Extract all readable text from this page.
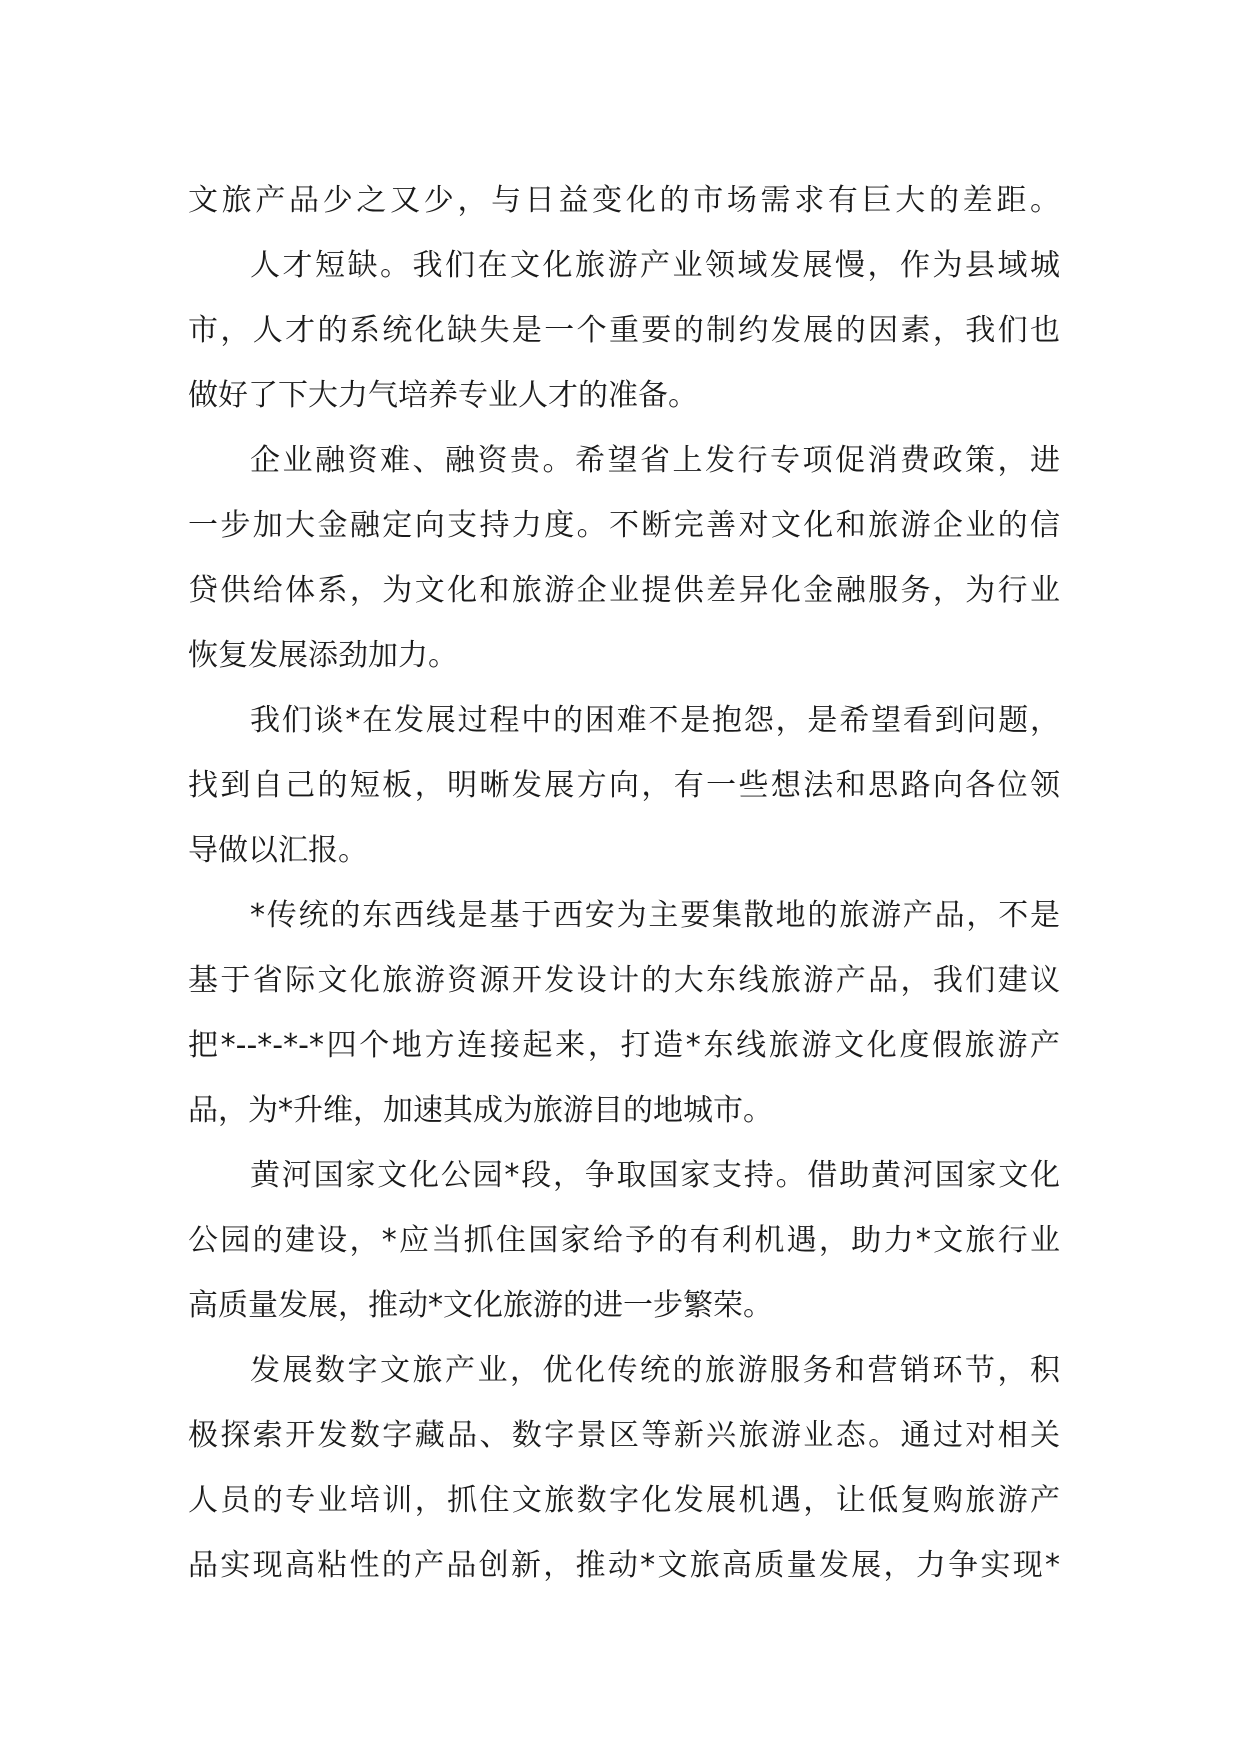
文旅产品少之又少，与日益变化的市场需求有巨大的差距。
人才短缺。我们在文化旅游产业领域发展慢，作为县域城
市，人才的系统化缺失是一个重要的制约发展的因素，我们也
做好了下大力气培养专业人才的准备。
企业融资难、融资贵。希望省上发行专项促消费政策，进
一步加大金融定向支持力度。不断完善对文化和旅游企业的信
贷供给体系，为文化和旅游企业提供差异化金融服务，为行业
恢复发展添劲加力。
我们谈*在发展过程中的困难不是抱怨，是希望看到问题，
找到自己的短板，明晰发展方向，有一些想法和思路向各位领
导做以汇报。
*传统的东西线是基于西安为主要集散地的旅游产品，不是
基于省际文化旅游资源开发设计的大东线旅游产品，我们建议
把*--*-*-*四个地方连接起来，打造*东线旅游文化度假旅游产
品，为*升维，加速其成为旅游目的地城市。
黄河国家文化公园*段，争取国家支持。借助黄河国家文化
公园的建设，*应当抓住国家给予的有利机遇，助力*文旅行业
高质量发展，推动*文化旅游的进一步繁荣。
发展数字文旅产业，优化传统的旅游服务和营销环节，积
极探索开发数字藏品、数字景区等新兴旅游业态。通过对相关
人员的专业培训，抓住文旅数字化发展机遇，让低复购旅游产
品实现高粘性的产品创新，推动*文旅高质量发展，力争实现*
